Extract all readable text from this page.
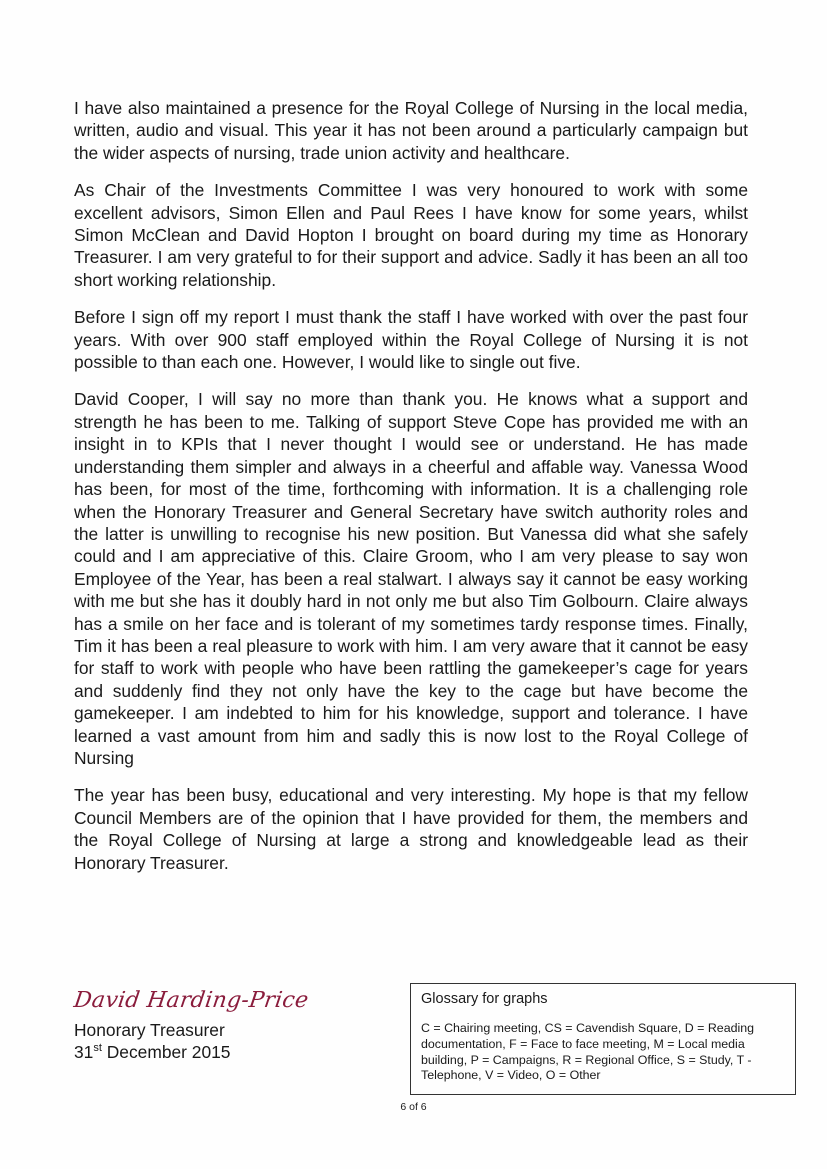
I have also maintained a presence for the Royal College of Nursing in the local media, written, audio and visual. This year it has not been around a particularly campaign but the wider aspects of nursing, trade union activity and healthcare.

As Chair of the Investments Committee I was very honoured to work with some excellent advisors, Simon Ellen and Paul Rees I have know for some years, whilst Simon McClean and David Hopton I brought on board during my time as Honorary Treasurer. I am very grateful to for their support and advice. Sadly it has been an all too short working relationship.

Before I sign off my report I must thank the staff I have worked with over the past four years. With over 900 staff employed within the Royal College of Nursing it is not possible to than each one. However, I would like to single out five.

David Cooper, I will say no more than thank you. He knows what a support and strength he has been to me. Talking of support Steve Cope has provided me with an insight in to KPIs that I never thought I would see or understand. He has made understanding them simpler and always in a cheerful and affable way. Vanessa Wood has been, for most of the time, forthcoming with information. It is a challenging role when the Honorary Treasurer and General Secretary have switch authority roles and the latter is unwilling to recognise his new position. But Vanessa did what she safely could and I am appreciative of this. Claire Groom, who I am very please to say won Employee of the Year, has been a real stalwart. I always say it cannot be easy working with me but she has it doubly hard in not only me but also Tim Golbourn. Claire always has a smile on her face and is tolerant of my sometimes tardy response times. Finally, Tim it has been a real pleasure to work with him. I am very aware that it cannot be easy for staff to work with people who have been rattling the gamekeeper’s cage for years and suddenly find they not only have the key to the cage but have become the gamekeeper. I am indebted to him for his knowledge, support and tolerance. I have learned a vast amount from him and sadly this is now lost to the Royal College of Nursing

The year has been busy, educational and very interesting. My hope is that my fellow Council Members are of the opinion that I have provided for them, the members and the Royal College of Nursing at large a strong and knowledgeable lead as their Honorary Treasurer.

David Harding-Price

Honorary Treasurer

31st December 2015

Glossary for graphs

C = Chairing meeting, CS = Cavendish Square, D = Reading documentation, F = Face to face meeting, M = Local media building, P = Campaigns, R = Regional Office, S = Study, T - Telephone, V = Video, O = Other

6 of 6
